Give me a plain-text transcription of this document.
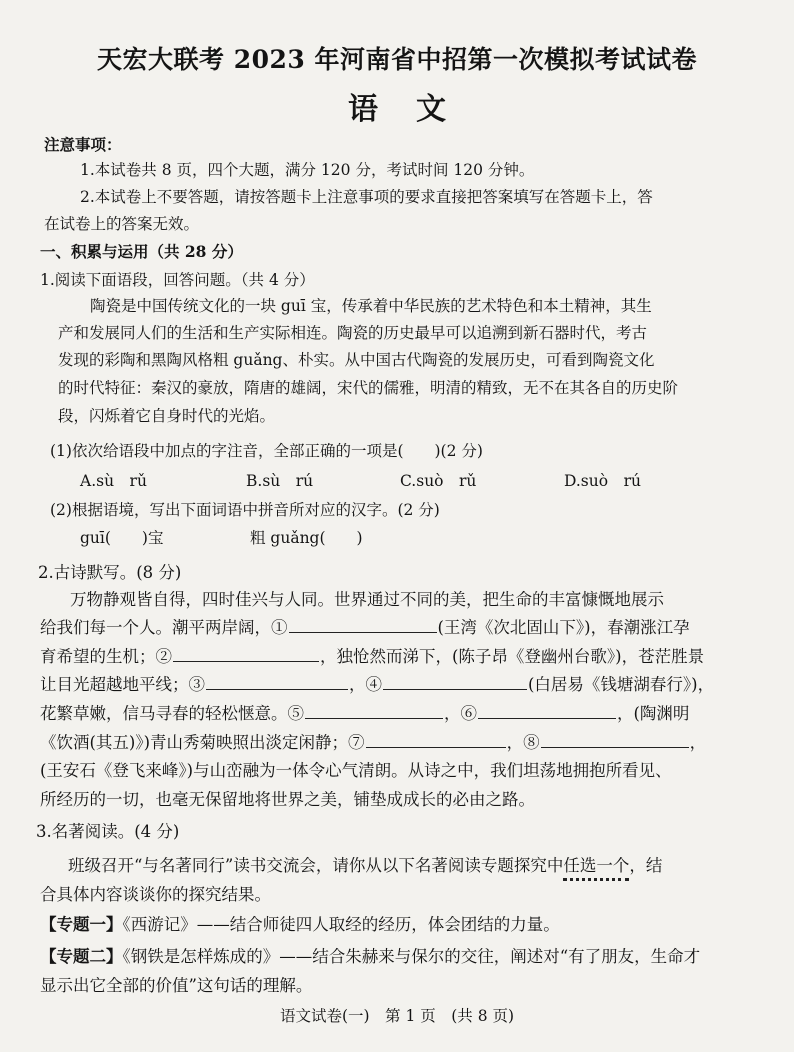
天宏大联考 2023 年河南省中招第一次模拟考试试卷
语文
注意事项：
1.本试卷共 8 页，四个大题，满分 120 分，考试时间 120 分钟。
2.本试卷上不要答题，请按答题卡上注意事项的要求直接把答案填写在答题卡上，答
在试卷上的答案无效。
一、积累与运用（共 28 分）
1.阅读下面语段，回答问题。（共 4 分）
陶瓷是中国传统文化的一块 guī 宝，传承着中华民族的艺术特色和本土精神，其生
产和发展同人们的生活和生产实际相连。陶瓷的历史最早可以追溯到新石器时代，考古
发现的彩陶和黑陶风格粗 guǎng、朴实。从中国古代陶瓷的发展历史，可看到陶瓷文化
的时代特征：秦汉的豪放，隋唐的雄阔，宋代的儒雅，明清的精致，无不在其各自的历史阶
段，闪烁着它自身时代的光焰。
(1)依次给语段中加点的字注音，全部正确的一项是(　　)(2 分)
A.sù　rǔ	B.sù　rú	C.suò　rǔ	D.suò　rú
(2)根据语境，写出下面词语中拼音所对应的汉字。(2 分)
guī(　　)宝	粗 guǎng(　　)
2.古诗默写。(8 分)
万物静观皆自得，四时佳兴与人同。世界通过不同的美，把生命的丰富慷慨地展示
给我们每一个人。潮平两岸阔，①	(王湾《次北固山下》)，春潮涨江孕
育希望的生机；②	，独怆然而涕下，(陈子昂《登幽州台歌》)，苍茫胜景
让目光超越地平线；③	，④	(白居易《钱塘湖春行》)，
花繁草嫩，信马寻春的轻松惬意。⑤	，⑥	，(陶渊明
《饮酒(其五)》)青山秀菊映照出淡定闲静；⑦	，⑧	，
(王安石《登飞来峰》)与山峦融为一体令心气清朗。从诗之中，我们坦荡地拥抱所看见、
所经历的一切，也毫无保留地将世界之美，铺垫成成长的必由之路。
3.名著阅读。(4 分)
班级召开“与名著同行”读书交流会，请你从以下名著阅读专题探究中任选一个，结
合具体内容谈谈你的探究结果。
【专题一】《西游记》——结合师徒四人取经的经历，体会团结的力量。
【专题二】《钢铁是怎样炼成的》——结合朱赫来与保尔的交往，阐述对“有了朋友，生命才
显示出它全部的价值”这句话的理解。
语文试卷(一)　第 1 页　(共 8 页)
